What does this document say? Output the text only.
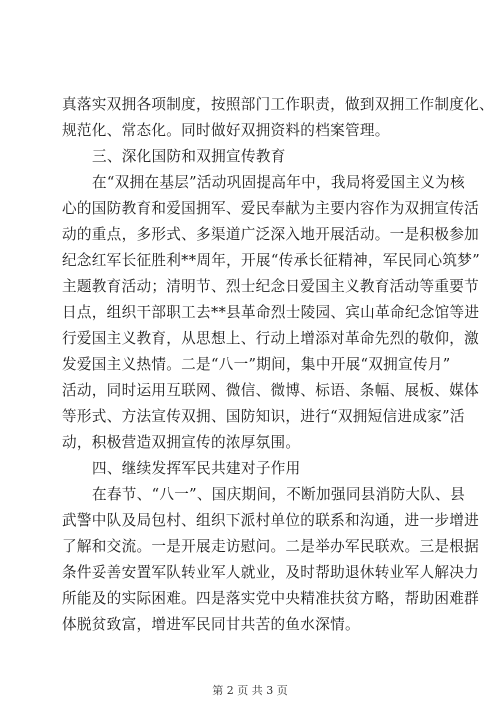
真落实双拥各项制度，按照部门工作职责，做到双拥工作制度化、
规范化、常态化。同时做好双拥资料的档案管理。
三、深化国防和双拥宣传教育
在“双拥在基层”活动巩固提高年中，我局将爱国主义为核
心的国防教育和爱国拥军、爱民奉献为主要内容作为双拥宣传活
动的重点，多形式、多渠道广泛深入地开展活动。一是积极参加
纪念红军长征胜利**周年，开展“传承长征精神，军民同心筑梦”
主题教育活动；清明节、烈士纪念日爱国主义教育活动等重要节
日点，组织干部职工去**县革命烈士陵园、宾山革命纪念馆等进
行爱国主义教育，从思想上、行动上增添对革命先烈的敬仰，激
发爱国主义热情。二是“八一”期间，集中开展“双拥宣传月”
活动，同时运用互联网、微信、微博、标语、条幅、展板、媒体
等形式、方法宣传双拥、国防知识，进行“双拥短信进成家”活
动，积极营造双拥宣传的浓厚氛围。
四、继续发挥军民共建对子作用
在春节、“八一”、国庆期间，不断加强同县消防大队、县
武警中队及局包村、组织下派村单位的联系和沟通，进一步增进
了解和交流。一是开展走访慰问。二是举办军民联欢。三是根据
条件妥善安置军队转业军人就业，及时帮助退休转业军人解决力
所能及的实际困难。四是落实党中央精准扶贫方略，帮助困难群
体脱贫致富，增进军民同甘共苦的鱼水深情。
第 2 页 共 3 页
